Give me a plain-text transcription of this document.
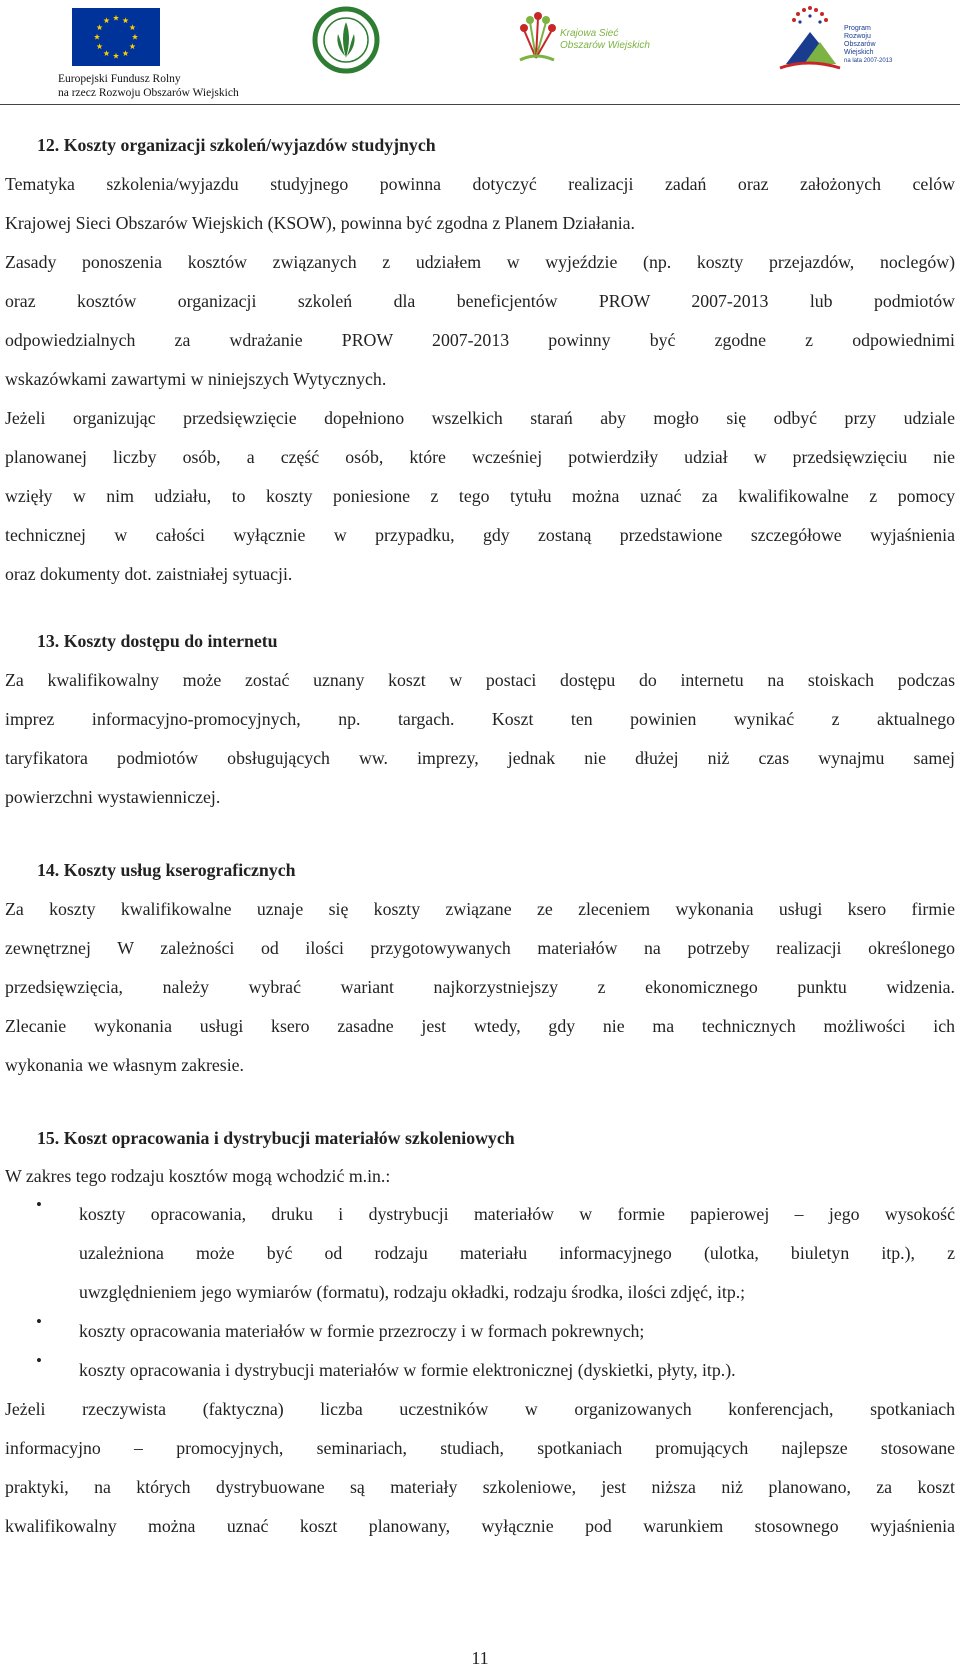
Europejski Fundusz Rolny
na rzecz Rozwoju Obszarów Wiejskich
Krajowa Sieć
Obszarów Wiejskich
Program
Rozwoju
Obszarów
Wiejskich
na lata 2007-2013
12. Koszty organizacji szkoleń/wyjazdów studyjnych
Tematyka szkolenia/wyjazdu studyjnego powinna dotyczyć realizacji zadań oraz założonych celów
Krajowej Sieci Obszarów Wiejskich (KSOW), powinna być zgodna z Planem Działania.
Zasady ponoszenia kosztów związanych z udziałem w wyjeździe (np. koszty przejazdów, noclegów)
oraz kosztów organizacji szkoleń dla beneficjentów PROW 2007-2013 lub podmiotów
odpowiedzialnych za wdrażanie PROW 2007-2013 powinny być zgodne z odpowiednimi
wskazówkami zawartymi w niniejszych Wytycznych.
Jeżeli organizując przedsięwzięcie dopełniono wszelkich starań aby mogło się odbyć przy udziale
planowanej liczby osób, a część osób, które wcześniej potwierdziły udział w przedsięwzięciu nie
wzięły w nim udziału, to koszty poniesione z tego tytułu można uznać za kwalifikowalne z pomocy
technicznej w całości wyłącznie w przypadku, gdy zostaną przedstawione szczegółowe wyjaśnienia
oraz dokumenty dot. zaistniałej sytuacji.
13. Koszty dostępu do internetu
Za kwalifikowalny może zostać uznany koszt w postaci dostępu do internetu na stoiskach podczas
imprez informacyjno-promocyjnych, np. targach. Koszt ten powinien wynikać z aktualnego
taryfikatora podmiotów obsługujących ww. imprezy, jednak nie dłużej niż czas wynajmu samej
powierzchni wystawienniczej.
14. Koszty usług kserograficznych
Za koszty kwalifikowalne uznaje się koszty związane ze zleceniem wykonania usługi ksero firmie
zewnętrznej W zależności od ilości przygotowywanych materiałów na potrzeby realizacji określonego
przedsięwzięcia, należy wybrać wariant najkorzystniejszy z ekonomicznego punktu widzenia.
Zlecanie wykonania usługi ksero zasadne jest wtedy, gdy nie ma technicznych możliwości ich
wykonania we własnym zakresie.
15. Koszt opracowania i dystrybucji materiałów szkoleniowych
W zakres tego rodzaju kosztów mogą wchodzić m.in.:
• koszty opracowania, druku i dystrybucji materiałów w formie papierowej – jego wysokość
uzależniona może być od rodzaju materiału informacyjnego (ulotka, biuletyn itp.), z
uwzględnieniem jego wymiarów (formatu), rodzaju okładki, rodzaju środka, ilości zdjęć, itp.;
• koszty opracowania materiałów w formie przezroczy i w formach pokrewnych;
• koszty opracowania i dystrybucji materiałów w formie elektronicznej (dyskietki, płyty, itp.).
Jeżeli rzeczywista (faktyczna) liczba uczestników w organizowanych konferencjach, spotkaniach
informacyjno – promocyjnych, seminariach, studiach, spotkaniach promujących najlepsze stosowane
praktyki, na których dystrybuowane są materiały szkoleniowe, jest niższa niż planowano, za koszt
kwalifikowalny można uznać koszt planowany, wyłącznie pod warunkiem stosownego wyjaśnienia
11
